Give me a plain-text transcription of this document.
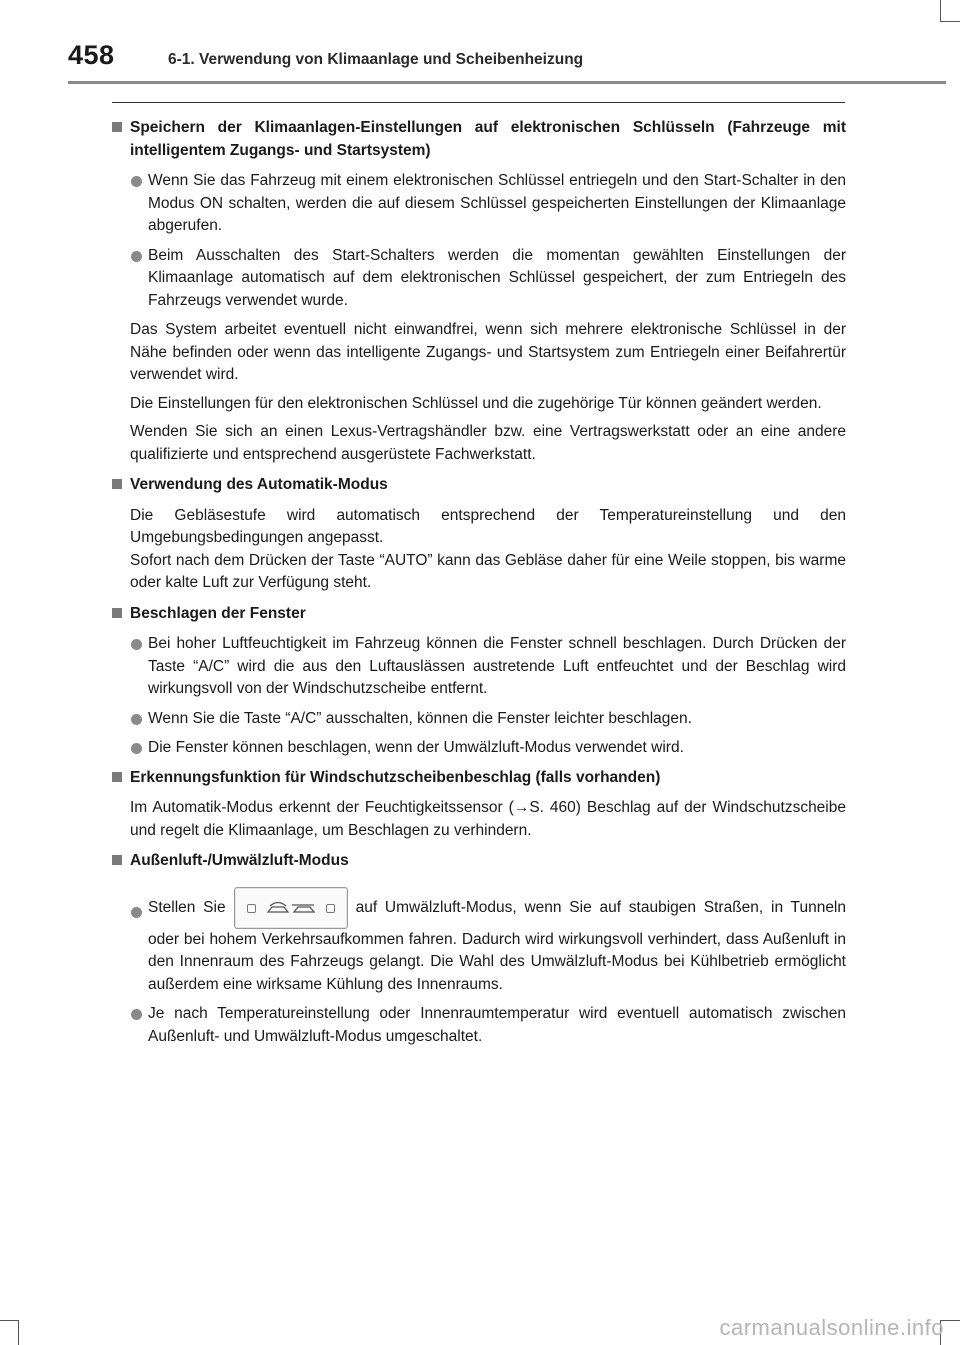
458	6-1. Verwendung von Klimaanlage und Scheibenheizung
Speichern der Klimaanlagen-Einstellungen auf elektronischen Schlüsseln (Fahrzeuge mit intelligentem Zugangs- und Startsystem)
Wenn Sie das Fahrzeug mit einem elektronischen Schlüssel entriegeln und den Start-Schalter in den Modus ON schalten, werden die auf diesem Schlüssel gespeicherten Einstellungen der Klimaanlage abgerufen.
Beim Ausschalten des Start-Schalters werden die momentan gewählten Einstellungen der Klimaanlage automatisch auf dem elektronischen Schlüssel gespeichert, der zum Entriegeln des Fahrzeugs verwendet wurde.
Das System arbeitet eventuell nicht einwandfrei, wenn sich mehrere elektronische Schlüssel in der Nähe befinden oder wenn das intelligente Zugangs- und Startsystem zum Entriegeln einer Beifahrertür verwendet wird.
Die Einstellungen für den elektronischen Schlüssel und die zugehörige Tür können geändert werden.
Wenden Sie sich an einen Lexus-Vertragshändler bzw. eine Vertragswerkstatt oder an eine andere qualifizierte und entsprechend ausgerüstete Fachwerkstatt.
Verwendung des Automatik-Modus
Die Gebläsestufe wird automatisch entsprechend der Temperatureinstellung und den Umgebungsbedingungen angepasst.
Sofort nach dem Drücken der Taste “AUTO” kann das Gebläse daher für eine Weile stoppen, bis warme oder kalte Luft zur Verfügung steht.
Beschlagen der Fenster
Bei hoher Luftfeuchtigkeit im Fahrzeug können die Fenster schnell beschlagen. Durch Drücken der Taste “A/C” wird die aus den Luftauslässen austretende Luft entfeuchtet und der Beschlag wird wirkungsvoll von der Windschutzscheibe entfernt.
Wenn Sie die Taste “A/C” ausschalten, können die Fenster leichter beschlagen.
Die Fenster können beschlagen, wenn der Umwälzluft-Modus verwendet wird.
Erkennungsfunktion für Windschutzscheibenbeschlag (falls vorhanden)
Im Automatik-Modus erkennt der Feuchtigkeitssensor (→S. 460) Beschlag auf der Windschutzscheibe und regelt die Klimaanlage, um Beschlagen zu verhindern.
Außenluft-/Umwälzluft-Modus
Stellen Sie	auf Umwälzluft-Modus, wenn Sie auf staubigen Straßen, in Tunneln oder bei hohem Verkehrsaufkommen fahren. Dadurch wird wirkungsvoll verhindert, dass Außenluft in den Innenraum des Fahrzeugs gelangt. Die Wahl des Umwälzluft-Modus bei Kühlbetrieb ermöglicht außerdem eine wirksame Kühlung des Innenraums.
Je nach Temperatureinstellung oder Innenraumtemperatur wird eventuell automatisch zwischen Außenluft- und Umwälzluft-Modus umgeschaltet.
carmanualsonline.info
